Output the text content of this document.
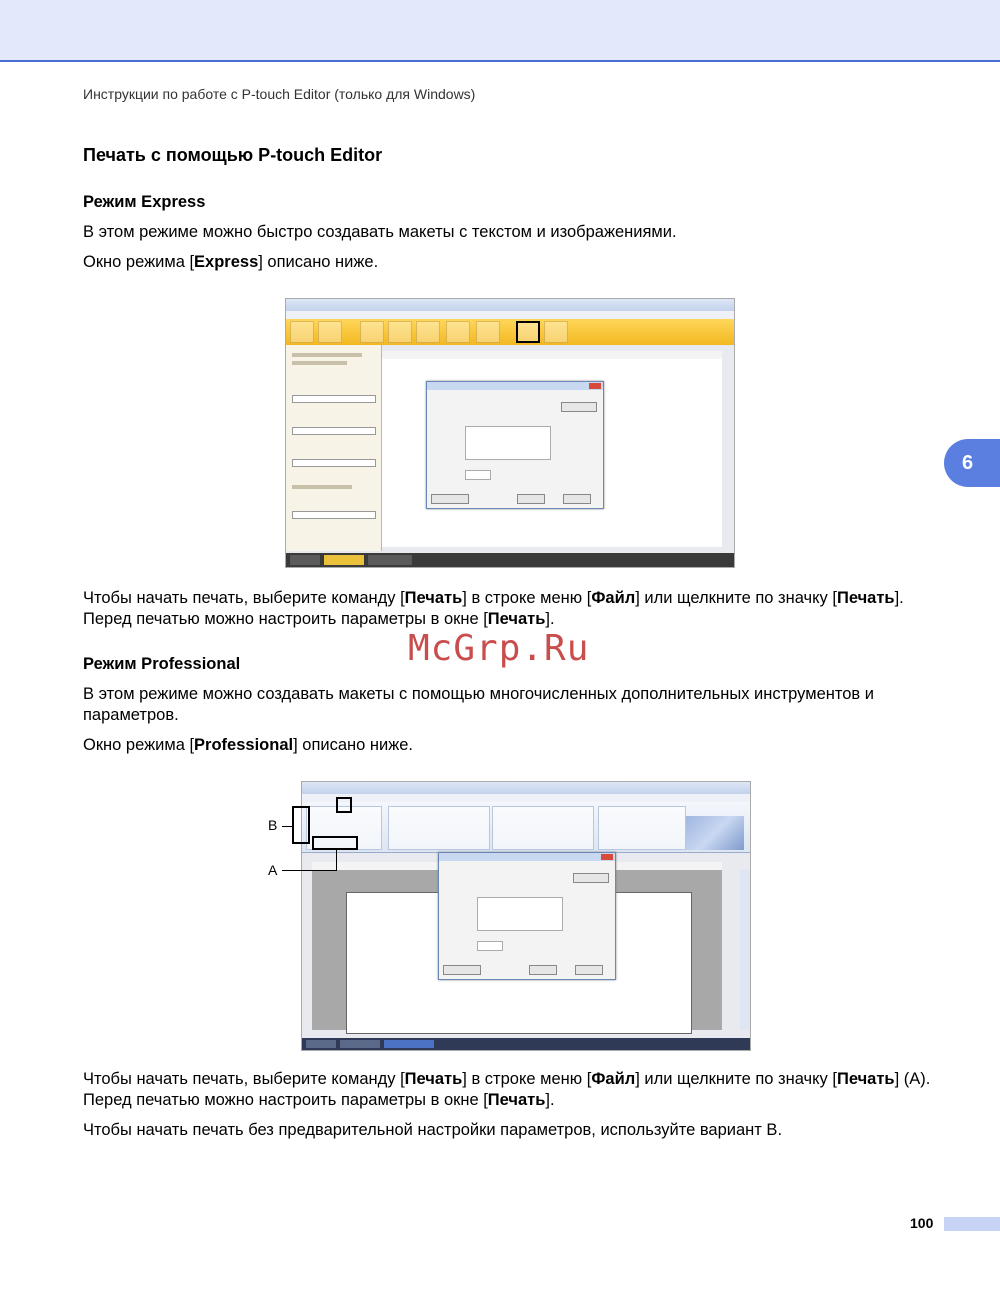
Инструкции по работе с P-touch Editor (только для Windows)
Печать с помощью P-touch Editor
Режим Express
В этом режиме можно быстро создавать макеты с текстом и изображениями.
Окно режима [Express] описано ниже.
Чтобы начать печать, выберите команду [Печать] в строке меню [Файл] или щелкните по значку [Печать]. Перед печатью можно настроить параметры в окне [Печать].
McGrp.Ru
Режим Professional
В этом режиме можно создавать макеты с помощью многочисленных дополнительных инструментов и параметров.
Окно режима [Professional] описано ниже.
B
A
Чтобы начать печать, выберите команду [Печать] в строке меню [Файл] или щелкните по значку [Печать] (A). Перед печатью можно настроить параметры в окне [Печать].
Чтобы начать печать без предварительной настройки параметров, используйте вариант B.
6
100
